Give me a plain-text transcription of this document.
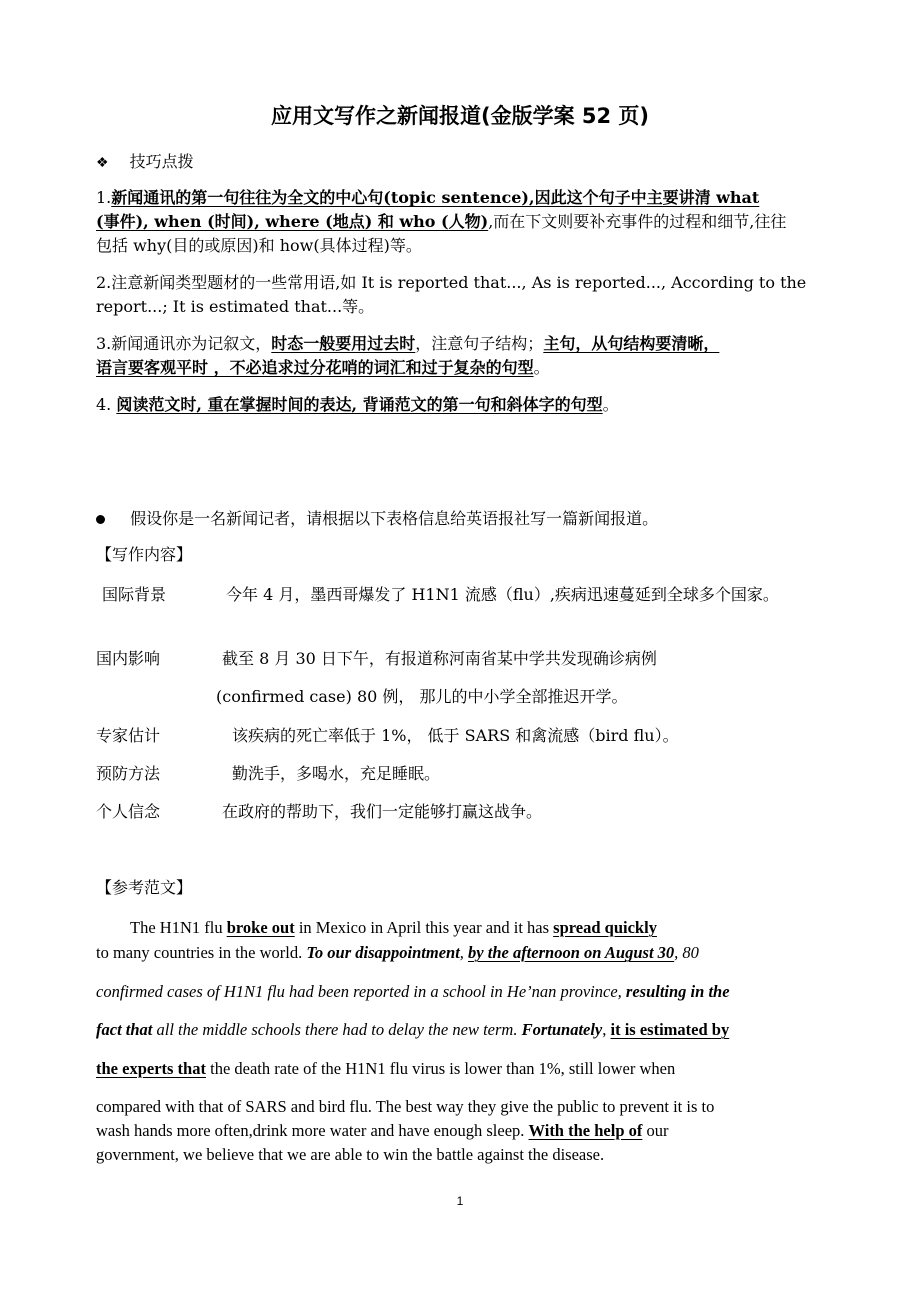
应用文写作之新闻报道(金版学案 52 页)
❖ 技巧点拨
1.新闻通讯的第一句往往为全文的中心句(topic sentence),因此这个句子中主要讲清 what
(事件), when (时间), where (地点) 和 who (人物),而在下文则要补充事件的过程和细节,往往
包括 why(目的或原因)和 how(具体过程)等。
2.注意新闻类型题材的一些常用语,如 It is reported that..., As is reported..., According to the
report...; It is estimated that...等。
3.新闻通讯亦为记叙文，时态一般要用过去时，注意句子结构；主句，从句结构要清晰，
语言要客观平时 ，不必追求过分花哨的词汇和过于复杂的句型。
4. 阅读范文时, 重在掌握时间的表达, 背诵范文的第一句和斜体字的句型。
假设你是一名新闻记者，请根据以下表格信息给英语报社写一篇新闻报道。
【写作内容】
国际背景	今年 4 月，墨西哥爆发了 H1N1 流感（flu）,疾病迅速蔓延到全球多个国家。
国内影响	截至 8 月 30 日下午，有报道称河南省某中学共发现确诊病例
(confirmed case) 80 例， 那儿的中小学全部推迟开学。
专家估计	该疾病的死亡率低于 1%， 低于 SARS 和禽流感（bird flu）。
预防方法	勤洗手，多喝水，充足睡眠。
个人信念	在政府的帮助下，我们一定能够打赢这战争。
【参考范文】
The H1N1 flu broke out in Mexico in April this year and it has spread quickly
to many countries in the world. To our disappointment, by the afternoon on August 30, 80
confirmed cases of H1N1 flu had been reported in a school in He’nan province, resulting in the
fact that all the middle schools there had to delay the new term. Fortunately, it is estimated by
the experts that the death rate of the H1N1 flu virus is lower than 1%, still lower when
compared with that of SARS and bird flu. The best way they give the public to prevent it is to
wash hands more often,drink more water and have enough sleep. With the help of our
government, we believe that we are able to win the battle against the disease.
1
